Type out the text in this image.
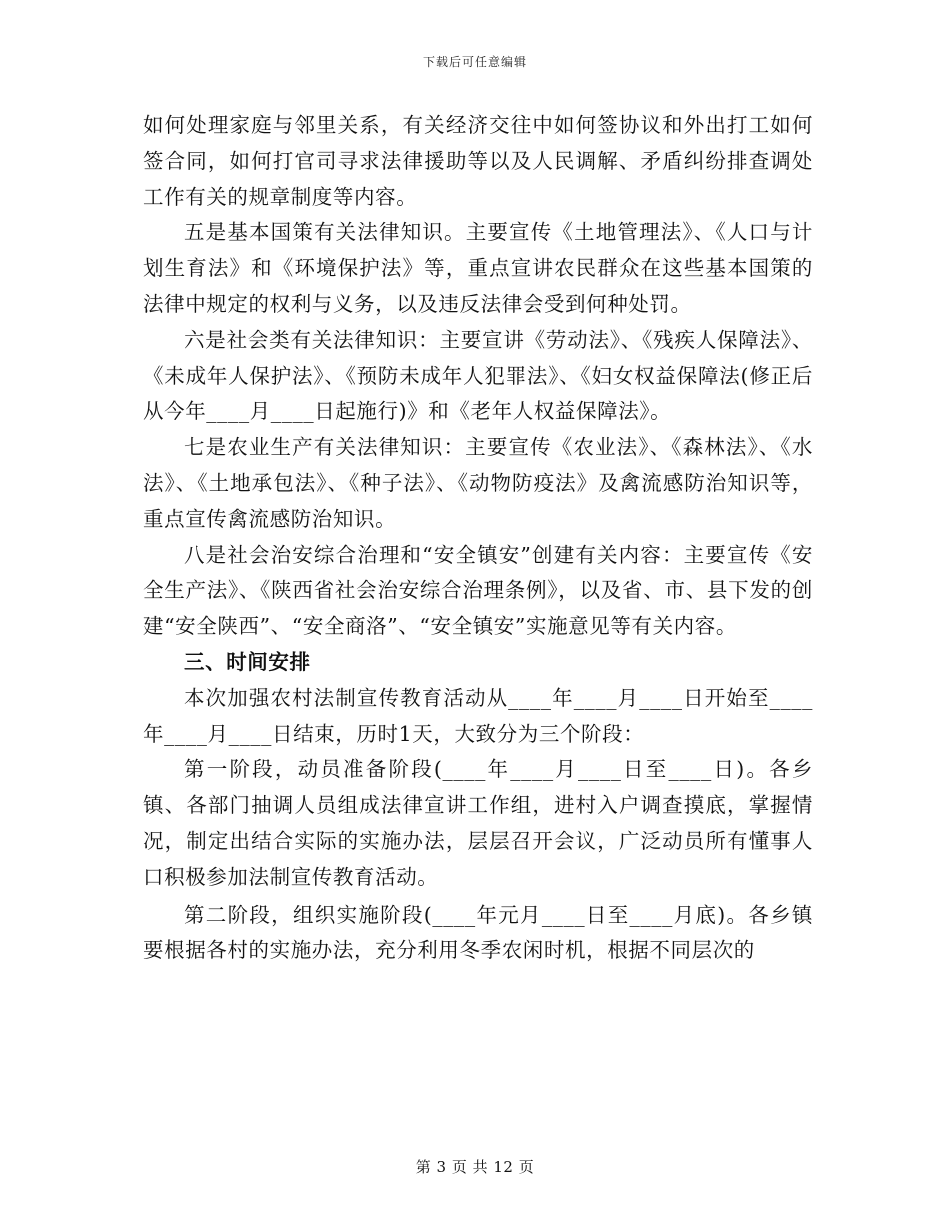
下载后可任意编辑

如何处理家庭与邻里关系，有关经济交往中如何签协议和外出打工如何签合同，如何打官司寻求法律援助等以及人民调解、矛盾纠纷排查调处工作有关的规章制度等内容。

五是基本国策有关法律知识。主要宣传《土地管理法》、《人口与计划生育法》和《环境保护法》等，重点宣讲农民群众在这些基本国策的法律中规定的权利与义务，以及违反法律会受到何种处罚。

六是社会类有关法律知识：主要宣讲《劳动法》、《残疾人保障法》、《未成年人保护法》、《预防未成年人犯罪法》、《妇女权益保障法(修正后从今年____月____日起施行)》和《老年人权益保障法》。

七是农业生产有关法律知识：主要宣传《农业法》、《森林法》、《水法》、《土地承包法》、《种子法》、《动物防疫法》及禽流感防治知识等，重点宣传禽流感防治知识。

八是社会治安综合治理和“安全镇安”创建有关内容：主要宣传《安全生产法》、《陕西省社会治安综合治理条例》，以及省、市、县下发的创建“安全陕西”、“安全商洛”、“安全镇安”实施意见等有关内容。

三、时间安排

本次加强农村法制宣传教育活动从____年____月____日开始至____年____月____日结束，历时1天，大致分为三个阶段：

第一阶段，动员准备阶段(____年____月____日至____日)。各乡镇、各部门抽调人员组成法律宣讲工作组，进村入户调查摸底，掌握情况，制定出结合实际的实施办法，层层召开会议，广泛动员所有懂事人口积极参加法制宣传教育活动。

第二阶段，组织实施阶段(____年元月____日至____月底)。各乡镇要根据各村的实施办法，充分利用冬季农闲时机，根据不同层次的

第 3 页 共 12 页
